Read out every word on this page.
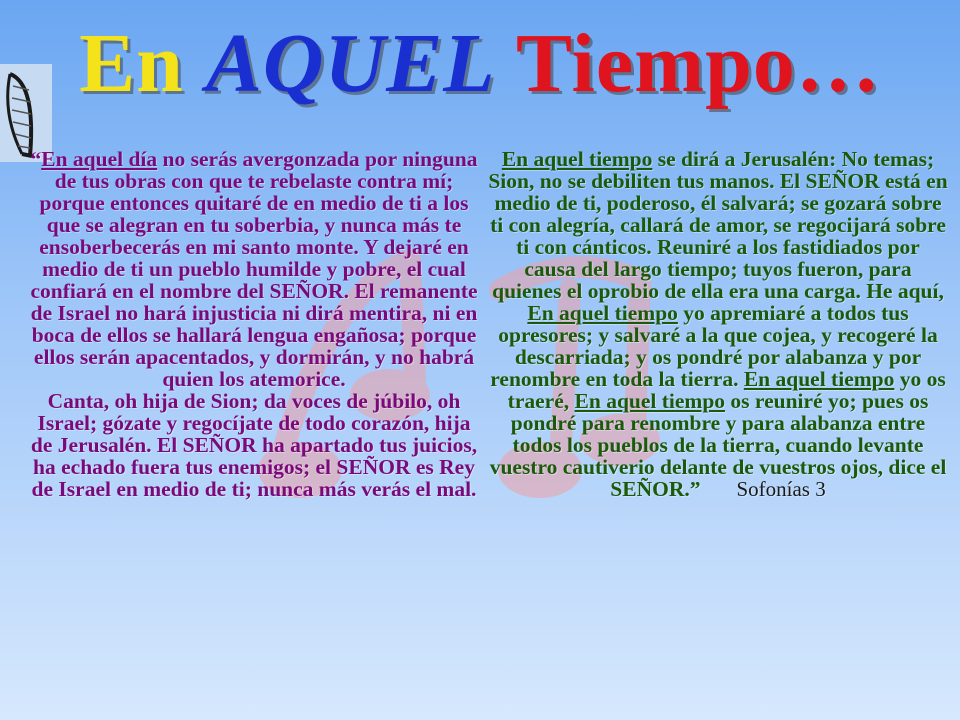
En AQUEL Tiempo…

“En aquel día no serás avergonzada por ninguna de tus obras con que te rebelaste contra mí; porque entonces quitaré de en medio de ti a los que se alegran en tu soberbia, y nunca más te ensoberbecerás en mi santo monte. Y dejaré en medio de ti un pueblo humilde y pobre, el cual confiará en el nombre del SEÑOR. El remanente de Israel no hará injusticia ni dirá mentira, ni en boca de ellos se hallará lengua engañosa; porque ellos serán apacentados, y dormirán, y no habrá quien los atemorice.

Canta, oh hija de Sion; da voces de júbilo, oh Israel; gózate y regocíjate de todo corazón, hija de Jerusalén. El SEÑOR ha apartado tus juicios, ha echado fuera tus enemigos; el SEÑOR es Rey de Israel en medio de ti; nunca más verás el mal.

En aquel tiempo se dirá a Jerusalén: No temas; Sion, no se debiliten tus manos. El SEÑOR está en medio de ti, poderoso, él salvará; se gozará sobre ti con alegría, callará de amor, se regocijará sobre ti con cánticos. Reuniré a los fastidiados por causa del largo tiempo; tuyos fueron, para quienes el oprobio de ella era una carga. He aquí, En aquel tiempo yo apremiaré a todos tus opresores; y salvaré a la que cojea, y recogeré la descarriada; y os pondré por alabanza y por renombre en toda la tierra. En aquel tiempo yo os traeré, En aquel tiempo os reuniré yo; pues os pondré para renombre y para alabanza entre todos los pueblos de la tierra, cuando levante vuestro cautiverio delante de vuestros ojos, dice el SEÑOR.” Sofonías 3
